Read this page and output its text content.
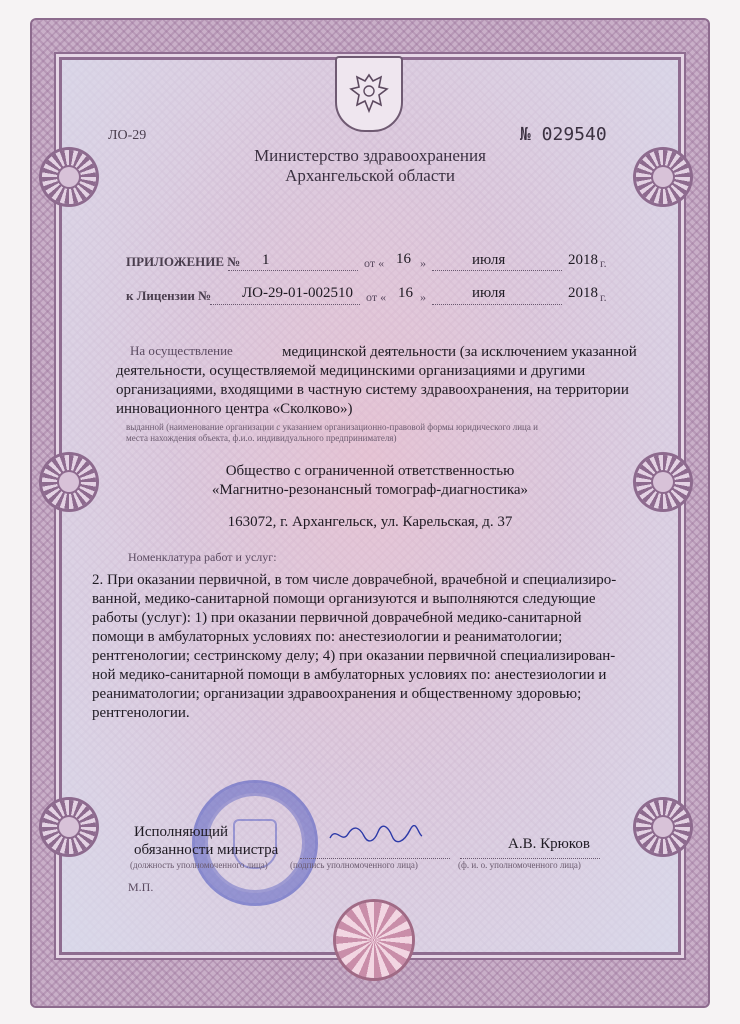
ЛО-29	№ 029540
Министерство здравоохранения
Архангельской области
ПРИЛОЖЕНИЕ № 1	от « 16 »	июля	2018 г.
к Лицензии № ЛО-29-01-002510 от « 16 »	июля	2018 г.
На осуществление	медицинской деятельности (за исключением указанной
деятельности, осуществляемой медицинскими организациями и другими
организациями, входящими в частную систему здравоохранения, на территории
инновационного центра «Сколково»)
выданной (наименование организации с указанием организационно-правовой формы юридического лица и
места нахождения объекта, ф.и.о. индивидуального предпринимателя)
Общество с ограниченной ответственностью
«Магнитно-резонансный томограф-диагностика»
163072, г. Архангельск, ул. Карельская, д. 37
Номенклатура работ и услуг:
2. При оказании первичной, в том числе доврачебной, врачебной и специализиро-
ванной, медико-санитарной помощи организуются и выполняются следующие
работы (услуг): 1) при оказании первичной доврачебной медико-санитарной
помощи в амбулаторных условиях по: анестезиологии и реаниматологии;
рентгенологии; сестринскому делу; 4) при оказании первичной специализирован-
ной медико-санитарной помощи в амбулаторных условиях по: анестезиологии и
реаниматологии; организации здравоохранения и общественному здоровью;
рентгенологии.
Исполняющий
обязанности министра	А.В. Крюков
(должность уполномоченного лица) (подпись уполномоченного лица)	(ф. и. о. уполномоченного лица)
М.П.
